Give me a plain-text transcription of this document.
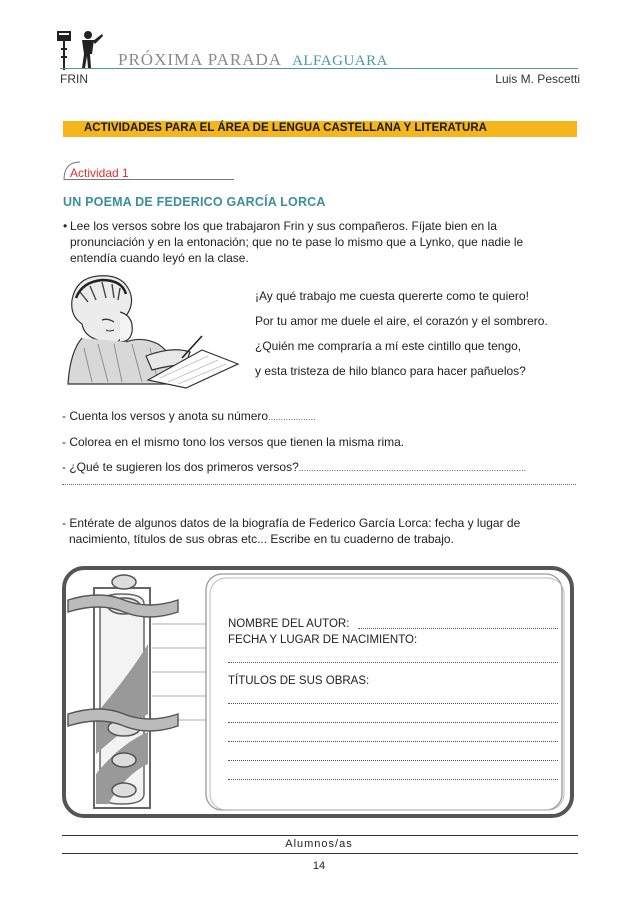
PRÓXIMA PARADA ALFAGUARA
FRIN	Luis M. Pescetti
ACTIVIDADES PARA EL ÁREA DE LENGUA CASTELLANA Y LITERATURA
Actividad 1
UN POEMA DE FEDERICO GARCÍA LORCA
• Lee los versos sobre los que trabajaron Frin y sus compañeros. Fíjate bien en la pronunciación y en la entonación; que no te pase lo mismo que a Lynko, que nadie le entendía cuando leyó en la clase.
¡Ay qué trabajo me cuesta quererte como te quiero!
Por tu amor me duele el aire, el corazón y el sombrero.
¿Quién me compraría a mí este cintillo que tengo,
y esta tristeza de hilo blanco para hacer pañuelos?
- Cuenta los versos y anota su número...................
- Colorea en el mismo tono los versos que tienen la misma rima.
- ¿Qué te sugieren los dos primeros versos?...........................................................................................
- Entérate de algunos datos de la biografía de Federico García Lorca: fecha y lugar de nacimiento, títulos de sus obras etc... Escribe en tu cuaderno de trabajo.
NOMBRE DEL AUTOR:
FECHA Y LUGAR DE NACIMIENTO:
TÍTULOS DE SUS OBRAS:
Alumnos/as
14
